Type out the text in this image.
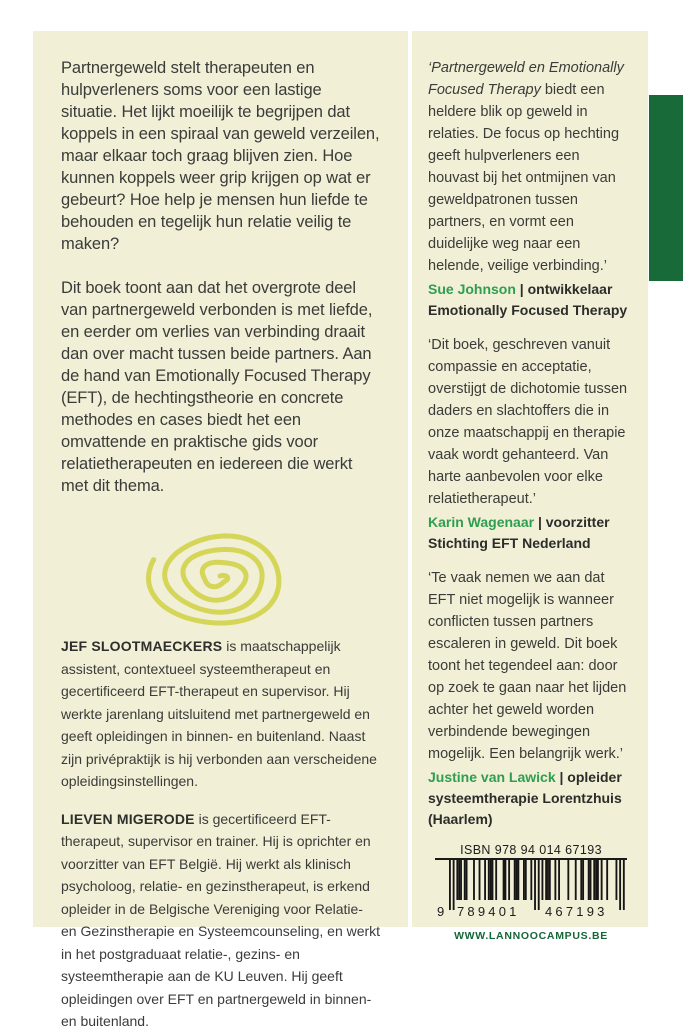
Partnergeweld stelt therapeuten en hulpverleners soms voor een lastige situatie. Het lijkt moeilijk te begrijpen dat koppels in een spiraal van geweld verzeilen, maar elkaar toch graag blijven zien. Hoe kunnen koppels weer grip krijgen op wat er gebeurt? Hoe help je mensen hun liefde te behouden en tegelijk hun relatie veilig te maken?

Dit boek toont aan dat het overgrote deel van partnergeweld verbonden is met liefde, en eerder om verlies van verbinding draait dan over macht tussen beide partners. Aan de hand van Emotionally Focused Therapy (EFT), de hechtingstheorie en concrete methodes en cases biedt het een omvattende en praktische gids voor relatietherapeuten en iedereen die werkt met dit thema.

JEF SLOOTMAECKERS is maatschappelijk assistent, contextueel systeemtherapeut en gecertificeerd EFT-therapeut en supervisor. Hij werkte jarenlang uitsluitend met partnergeweld en geeft opleidingen in binnen- en buitenland. Naast zijn privépraktijk is hij verbonden aan verscheidene opleidingsinstellingen.

LIEVEN MIGERODE is gecertificeerd EFT-therapeut, supervisor en trainer. Hij is oprichter en voorzitter van EFT België. Hij werkt als klinisch psycholoog, relatie- en gezinstherapeut, is erkend opleider in de Belgische Vereniging voor Relatie- en Gezinstherapie en Systeemcounseling, en werkt in het postgraduaat relatie-, gezins- en systeemtherapie aan de KU Leuven. Hij geeft opleidingen over EFT en partnergeweld in binnen- en buitenland.

‘Partnergeweld en Emotionally Focused Therapy biedt een heldere blik op geweld in relaties. De focus op hechting geeft hulpverleners een houvast bij het ontmijnen van geweldpatronen tussen partners, en vormt een duidelijke weg naar een helende, veilige verbinding.’

Sue Johnson | ontwikkelaar Emotionally Focused Therapy

‘Dit boek, geschreven vanuit compassie en acceptatie, overstijgt de dichotomie tussen daders en slachtoffers die in onze maatschappij en therapie vaak wordt gehanteerd. Van harte aanbevolen voor elke relatietherapeut.’

Karin Wagenaar | voorzitter Stichting EFT Nederland

‘Te vaak nemen we aan dat EFT niet mogelijk is wanneer conflicten tussen partners escaleren in geweld. Dit boek toont het tegendeel aan: door op zoek te gaan naar het lijden achter het geweld worden verbindende bewegingen mogelijk. Een belangrijk werk.’

Justine van Lawick | opleider systeemtherapie Lorentzhuis (Haarlem)

ISBN 978 94 014 67193
9 789401 467193
WWW.LANNOOCAMPUS.BE
